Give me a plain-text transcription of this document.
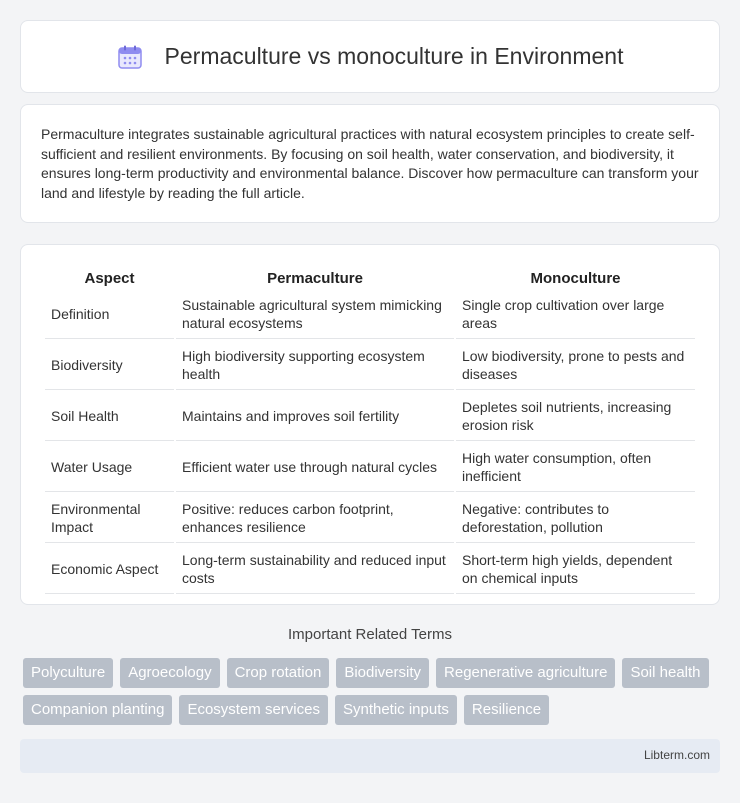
Permaculture vs monoculture in Environment

Permaculture integrates sustainable agricultural practices with natural ecosystem principles to create self-sufficient and resilient environments. By focusing on soil health, water conservation, and biodiversity, it ensures long-term productivity and environmental balance. Discover how permaculture can transform your land and lifestyle by reading the full article.

Aspect	Permaculture	Monoculture
Definition	Sustainable agricultural system mimicking natural ecosystems	Single crop cultivation over large areas
Biodiversity	High biodiversity supporting ecosystem health	Low biodiversity, prone to pests and diseases
Soil Health	Maintains and improves soil fertility	Depletes soil nutrients, increasing erosion risk
Water Usage	Efficient water use through natural cycles	High water consumption, often inefficient
Environmental Impact	Positive: reduces carbon footprint, enhances resilience	Negative: contributes to deforestation, pollution
Economic Aspect	Long-term sustainability and reduced input costs	Short-term high yields, dependent on chemical inputs
Important Related Terms
Polyculture	Agroecology	Crop rotation	Biodiversity	Regenerative agriculture	Soil health
Companion planting	Ecosystem services	Synthetic inputs	Resilience
Libterm.com
